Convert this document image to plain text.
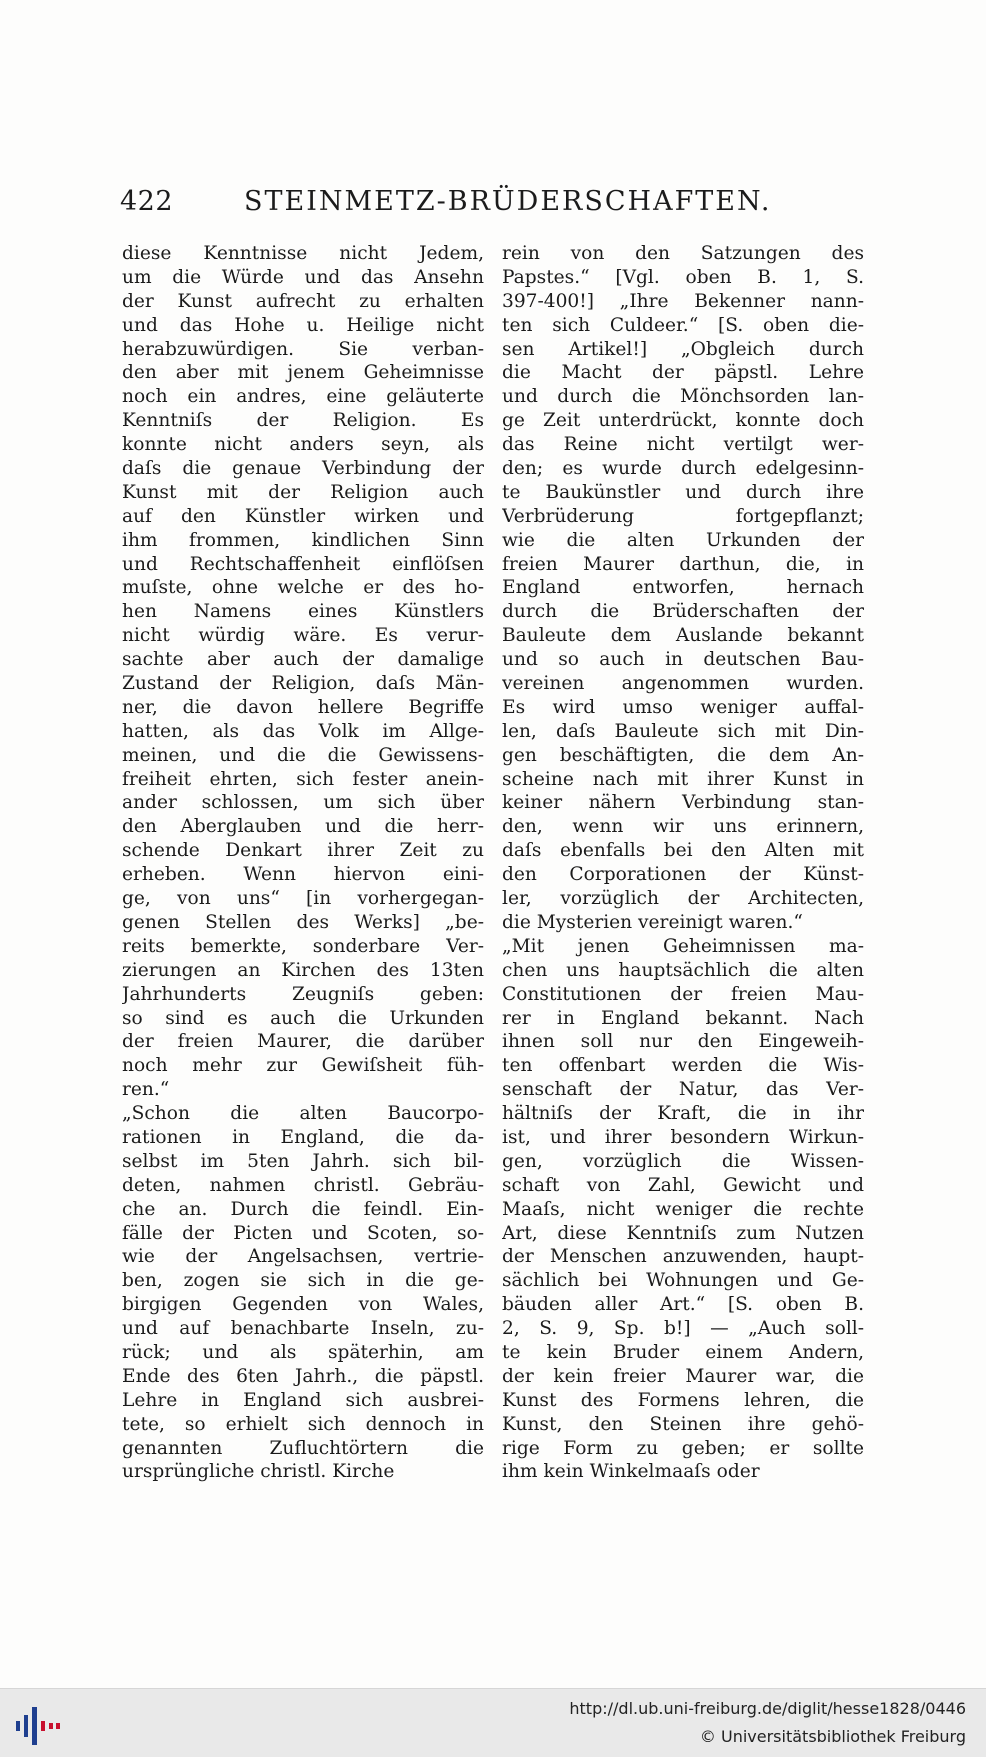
422	STEINMETZ-BRÜDERSCHAFTEN.
diese Kenntnisse nicht Jedem,
um die Würde und das Ansehn
der Kunst aufrecht zu erhalten
und das Hohe u. Heilige nicht
herabzuwürdigen. Sie verban-
den aber mit jenem Geheimnisse
noch ein andres, eine geläuterte
Kenntniſs der Religion. Es
konnte nicht anders seyn, als
daſs die genaue Verbindung der
Kunst mit der Religion auch
auf den Künstler wirken und
ihm frommen, kindlichen Sinn
und Rechtschaffenheit einflöſsen
muſste, ohne welche er des ho-
hen Namens eines Künstlers
nicht würdig wäre. Es verur-
sachte aber auch der damalige
Zustand der Religion, daſs Män-
ner, die davon hellere Begriffe
hatten, als das Volk im Allge-
meinen, und die die Gewissens-
freiheit ehrten, sich fester anein-
ander schlossen, um sich über
den Aberglauben und die herr-
schende Denkart ihrer Zeit zu
erheben. Wenn hiervon eini-
ge, von uns“ [in vorhergegan-
genen Stellen des Werks] „be-
reits bemerkte, sonderbare Ver-
zierungen an Kirchen des 13ten
Jahrhunderts Zeugniſs geben:
so sind es auch die Urkunden
der freien Maurer, die darüber
noch mehr zur Gewiſsheit füh-
ren.“
„Schon die alten Baucorpo-
rationen in England, die da-
selbst im 5ten Jahrh. sich bil-
deten, nahmen christl. Gebräu-
che an. Durch die feindl. Ein-
fälle der Picten und Scoten, so-
wie der Angelsachsen, vertrie-
ben, zogen sie sich in die ge-
birgigen Gegenden von Wales,
und auf benachbarte Inseln, zu-
rück; und als späterhin, am
Ende des 6ten Jahrh., die päpstl.
Lehre in England sich ausbrei-
tete, so erhielt sich dennoch in
genannten Zufluchtörtern die
ursprüngliche christl. Kirche
rein von den Satzungen des
Papstes.“ [Vgl. oben B. 1, S.
397-400!] „Ihre Bekenner nann-
ten sich Culdeer.“ [S. oben die-
sen Artikel!] „Obgleich durch
die Macht der päpstl. Lehre
und durch die Mönchsorden lan-
ge Zeit unterdrückt, konnte doch
das Reine nicht vertilgt wer-
den; es wurde durch edelgesinn-
te Baukünstler und durch ihre
Verbrüderung fortgepflanzt;
wie die alten Urkunden der
freien Maurer darthun, die, in
England entworfen, hernach
durch die Brüderschaften der
Bauleute dem Auslande bekannt
und so auch in deutschen Bau-
vereinen angenommen wurden.
Es wird umso weniger auffal-
len, daſs Bauleute sich mit Din-
gen beschäftigten, die dem An-
scheine nach mit ihrer Kunst in
keiner nähern Verbindung stan-
den, wenn wir uns erinnern,
daſs ebenfalls bei den Alten mit
den Corporationen der Künst-
ler, vorzüglich der Architecten,
die Mysterien vereinigt waren.“
„Mit jenen Geheimnissen ma-
chen uns hauptsächlich die alten
Constitutionen der freien Mau-
rer in England bekannt. Nach
ihnen soll nur den Eingeweih-
ten offenbart werden die Wis-
senschaft der Natur, das Ver-
hältniſs der Kraft, die in ihr
ist, und ihrer besondern Wirkun-
gen, vorzüglich die Wissen-
schaft von Zahl, Gewicht und
Maaſs, nicht weniger die rechte
Art, diese Kenntniſs zum Nutzen
der Menschen anzuwenden, haupt-
sächlich bei Wohnungen und Ge-
bäuden aller Art.“ [S. oben B.
2, S. 9, Sp. b!] — „Auch soll-
te kein Bruder einem Andern,
der kein freier Maurer war, die
Kunst des Formens lehren, die
Kunst, den Steinen ihre gehö-
rige Form zu geben; er sollte
ihm kein Winkelmaaſs oder
http://dl.ub.uni-freiburg.de/diglit/hesse1828/0446
© Universitätsbibliothek Freiburg
